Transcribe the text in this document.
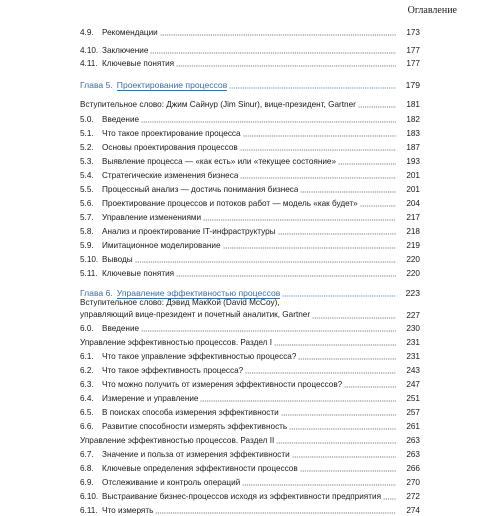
Оглавление
4.9.	Рекомендации	173
4.10. Заключение	177
4.11. Ключевые понятия	177
Глава 5. Проектирование процессов	179
Вступительное слово: Джим Сайнур (Jim Sinur), вице-президент, Gartner	181
5.0.	Введение	182
5.1.	Что такое проектирование процесса	183
5.2.	Основы проектирования процессов	187
5.3.	Выявление процесса — «как есть» или «текущее состояние»	193
5.4.	Стратегические изменения бизнеса	201
5.5.	Процессный анализ — достичь понимания бизнеса	201
5.6.	Проектирование процессов и потоков работ — модель «как будет»	204
5.7.	Управление изменениями	217
5.8.	Анализ и проектирование IT-инфраструктуры	218
5.9.	Имитационное моделирование	219
5.10. Выводы	220
5.11. Ключевые понятия	220
Глава 6. Управление эффективностью процессов	223
Вступительное слово: Дэвид МакКой (David McCoy),
управляющий вице-президент и почетный аналитик, Gartner	227
6.0.	Введение	230
Управление эффективностью процессов. Раздел I	231
6.1.	Что такое управление эффективностью процесса?	231
6.2.	Что такое эффективность процесса?	243
6.3.	Что можно получить от измерения эффективности процессов?	247
6.4.	Измерение и управление	251
6.5.	В поисках способа измерения эффективности	257
6.6.	Развитие способности измерять эффективность	261
Управление эффективностью процессов. Раздел II	263
6.7.	Значение и польза от измерения эффективности	263
6.8.	Ключевые определения эффективности процессов	266
6.9.	Отслеживание и контроль операций	270
6.10. Выстраивание бизнес-процессов исходя из эффективности предприятия	272
6.11. Что измерять	274
